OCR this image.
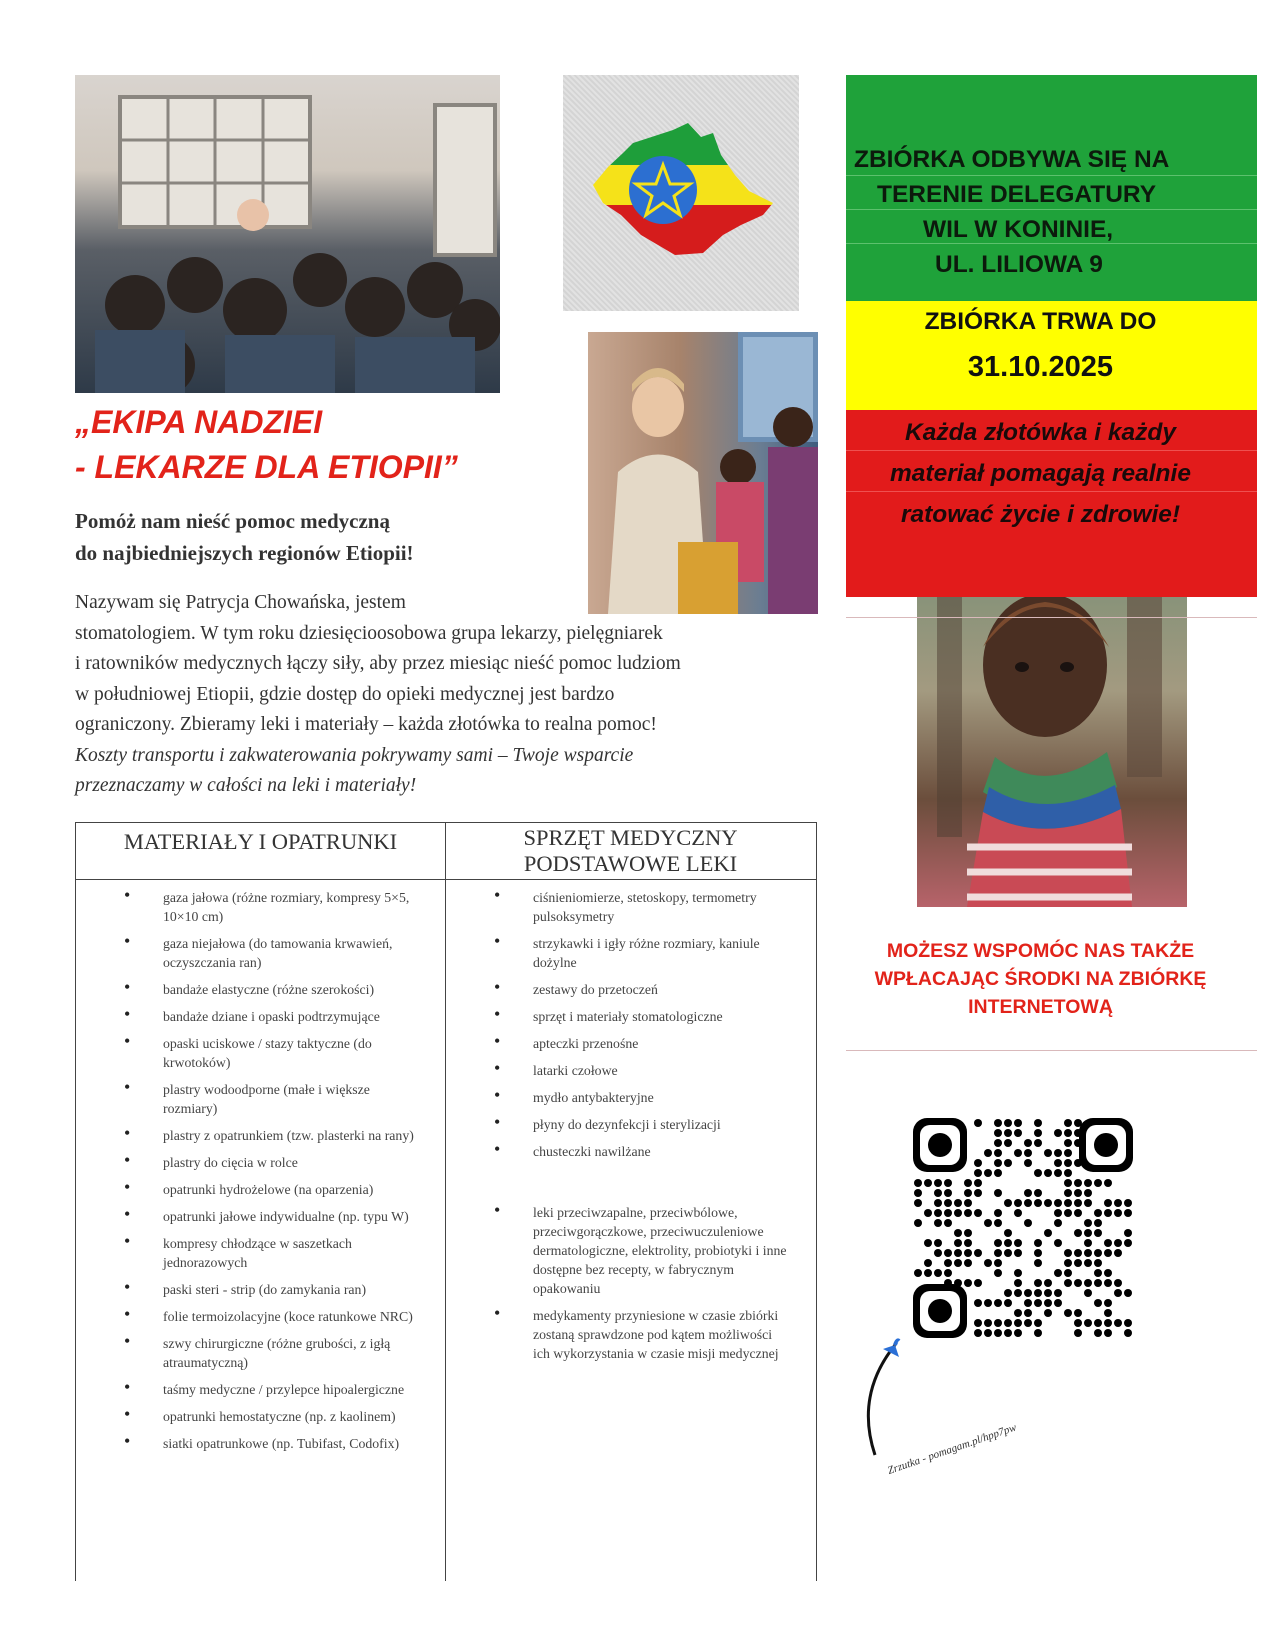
„EKIPA NADZIEI
- LEKARZE DLA ETIOPII”
Pomóż nam nieść pomoc medyczną
do najbiedniejszych regionów Etiopii!
Nazywam się Patrycja Chowańska, jestem
stomatologiem. W tym roku dziesięcioosobowa grupa lekarzy, pielęgniarek
i ratowników medycznych łączy siły, aby przez miesiąc nieść pomoc ludziom
w południowej Etiopii, gdzie dostęp do opieki medycznej jest bardzo
ograniczony. Zbieramy leki i materiały – każda złotówka to realna pomoc!
Koszty transportu i zakwaterowania pokrywamy sami – Twoje wsparcie
przeznaczamy w całości na leki i materiały!
MATERIAŁY I OPATRUNKI	SPRZĘT MEDYCZNY
PODSTAWOWE LEKI
• gaza jałowa (różne rozmiary, kompresy 5×5, 10×10 cm)
• gaza niejałowa (do tamowania krwawień, oczyszczania ran)
• bandaże elastyczne (różne szerokości)
• bandaże dziane i opaski podtrzymujące
• opaski uciskowe / stazy taktyczne (do krwotoków)
• plastry wodoodporne (małe i większe rozmiary)
• plastry z opatrunkiem (tzw. plasterki na rany)
• plastry do cięcia w rolce
• opatrunki hydrożelowe (na oparzenia)
• opatrunki jałowe indywidualne (np. typu W)
• kompresy chłodzące w saszetkach jednorazowych
• paski steri - strip (do zamykania ran)
• folie termoizolacyjne (koce ratunkowe NRC)
• szwy chirurgiczne (różne grubości, z igłą atraumatyczną)
• taśmy medyczne / przylepce hipoalergiczne
• opatrunki hemostatyczne (np. z kaolinem)
• siatki opatrunkowe (np. Tubifast, Codofix)
• ciśnieniomierze, stetoskopy, termometry pulsoksymetry
• strzykawki i igły różne rozmiary, kaniule dożylne
• zestawy do przetoczeń
• sprzęt i materiały stomatologiczne
• apteczki przenośne
• latarki czołowe
• mydło antybakteryjne
• płyny do dezynfekcji i sterylizacji
• chusteczki nawilżane
• leki przeciwzapalne, przeciwbólowe, przeciwgorączkowe, przeciwuczuleniowe dermatologiczne, elektrolity, probiotyki i inne dostępne bez recepty, w fabrycznym opakowaniu
• medykamenty przyniesione w czasie zbiórki zostaną sprawdzone pod kątem możliwości ich wykorzystania w czasie misji medycznej
ZBIÓRKA ODBYWA SIĘ NA
TERENIE DELEGATURY
WIL W KONINIE,
UL. LILIOWA 9
ZBIÓRKA TRWA DO
31.10.2025
Każda złotówka i każdy
materiał pomagają realnie
ratować życie i zdrowie!
MOŻESZ WSPOMÓC NAS TAKŻE
WPŁACAJĄC ŚRODKI NA ZBIÓRKĘ
INTERNETOWĄ
Zrzutka - pomagam.pl/hpp7pw
